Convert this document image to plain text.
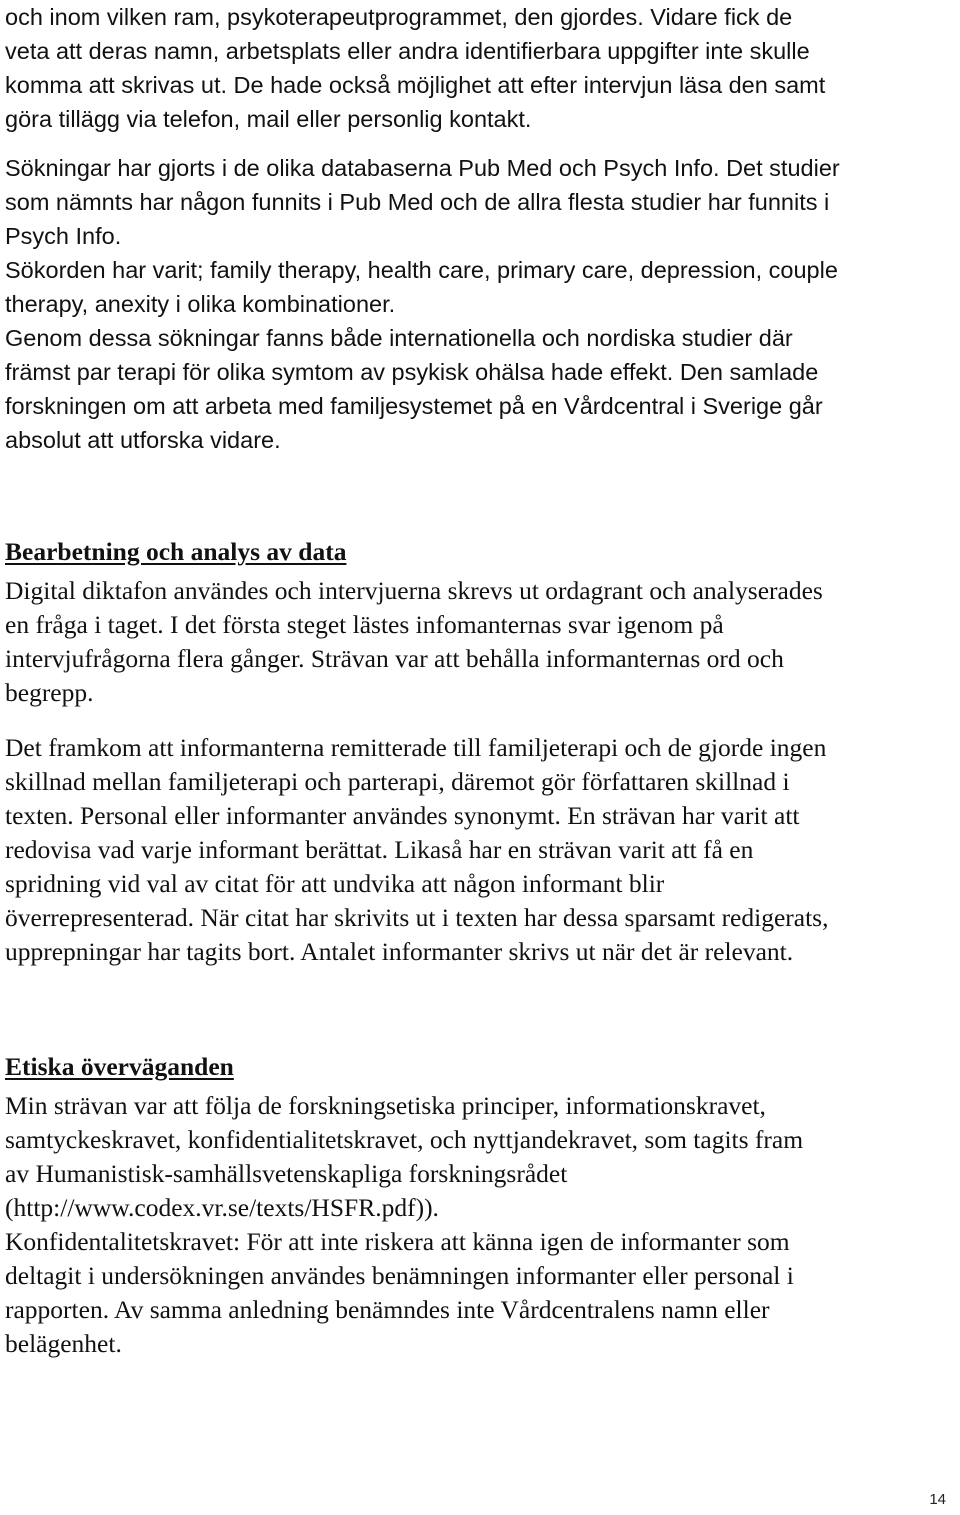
och inom vilken ram, psykoterapeutprogrammet, den gjordes. Vidare fick de
veta att deras namn, arbetsplats eller andra identifierbara uppgifter inte skulle
komma att skrivas ut. De hade också möjlighet att efter intervjun läsa den samt
göra tillägg via telefon, mail eller personlig kontakt.
Sökningar har gjorts i de olika databaserna Pub Med och Psych Info. Det studier
som nämnts har någon funnits i Pub Med och de allra flesta studier har funnits i
Psych Info.
Sökorden har varit; family therapy, health care, primary care, depression, couple
therapy, anexity i olika kombinationer.
Genom dessa sökningar fanns både internationella och nordiska studier där
främst par terapi för olika symtom av psykisk ohälsa hade effekt. Den samlade
forskningen om att arbeta med familjesystemet på en Vårdcentral i Sverige går
absolut att utforska vidare.
Bearbetning och analys av data
Digital diktafon användes och intervjuerna skrevs ut ordagrant och analyserades
en fråga i taget. I det första steget lästes infomanternas svar igenom på
intervjufrågorna flera gånger. Strävan var att behålla informanternas ord och
begrepp.
Det framkom att informanterna remitterade till familjeterapi och de gjorde ingen
skillnad mellan familjeterapi och parterapi, däremot gör författaren skillnad i
texten. Personal eller informanter användes synonymt. En strävan har varit att
redovisa vad varje informant berättat. Likaså har en strävan varit att få en
spridning vid val av citat för att undvika att någon informant blir
överrepresenterad. När citat har skrivits ut i texten har dessa sparsamt redigerats,
upprepningar har tagits bort. Antalet informanter skrivs ut när det är relevant.
Etiska överväganden
Min strävan var att följa de forskningsetiska principer, informationskravet,
samtyckeskravet, konfidentialitetskravet, och nyttjandekravet, som tagits fram
av Humanistisk-samhällsvetenskapliga forskningsrådet
(http://www.codex.vr.se/texts/HSFR.pdf)).
Konfidentalitetskravet: För att inte riskera att känna igen de informanter som
deltagit i undersökningen användes benämningen informanter eller personal i
rapporten. Av samma anledning benämndes inte Vårdcentralens namn eller
belägenhet.
14
